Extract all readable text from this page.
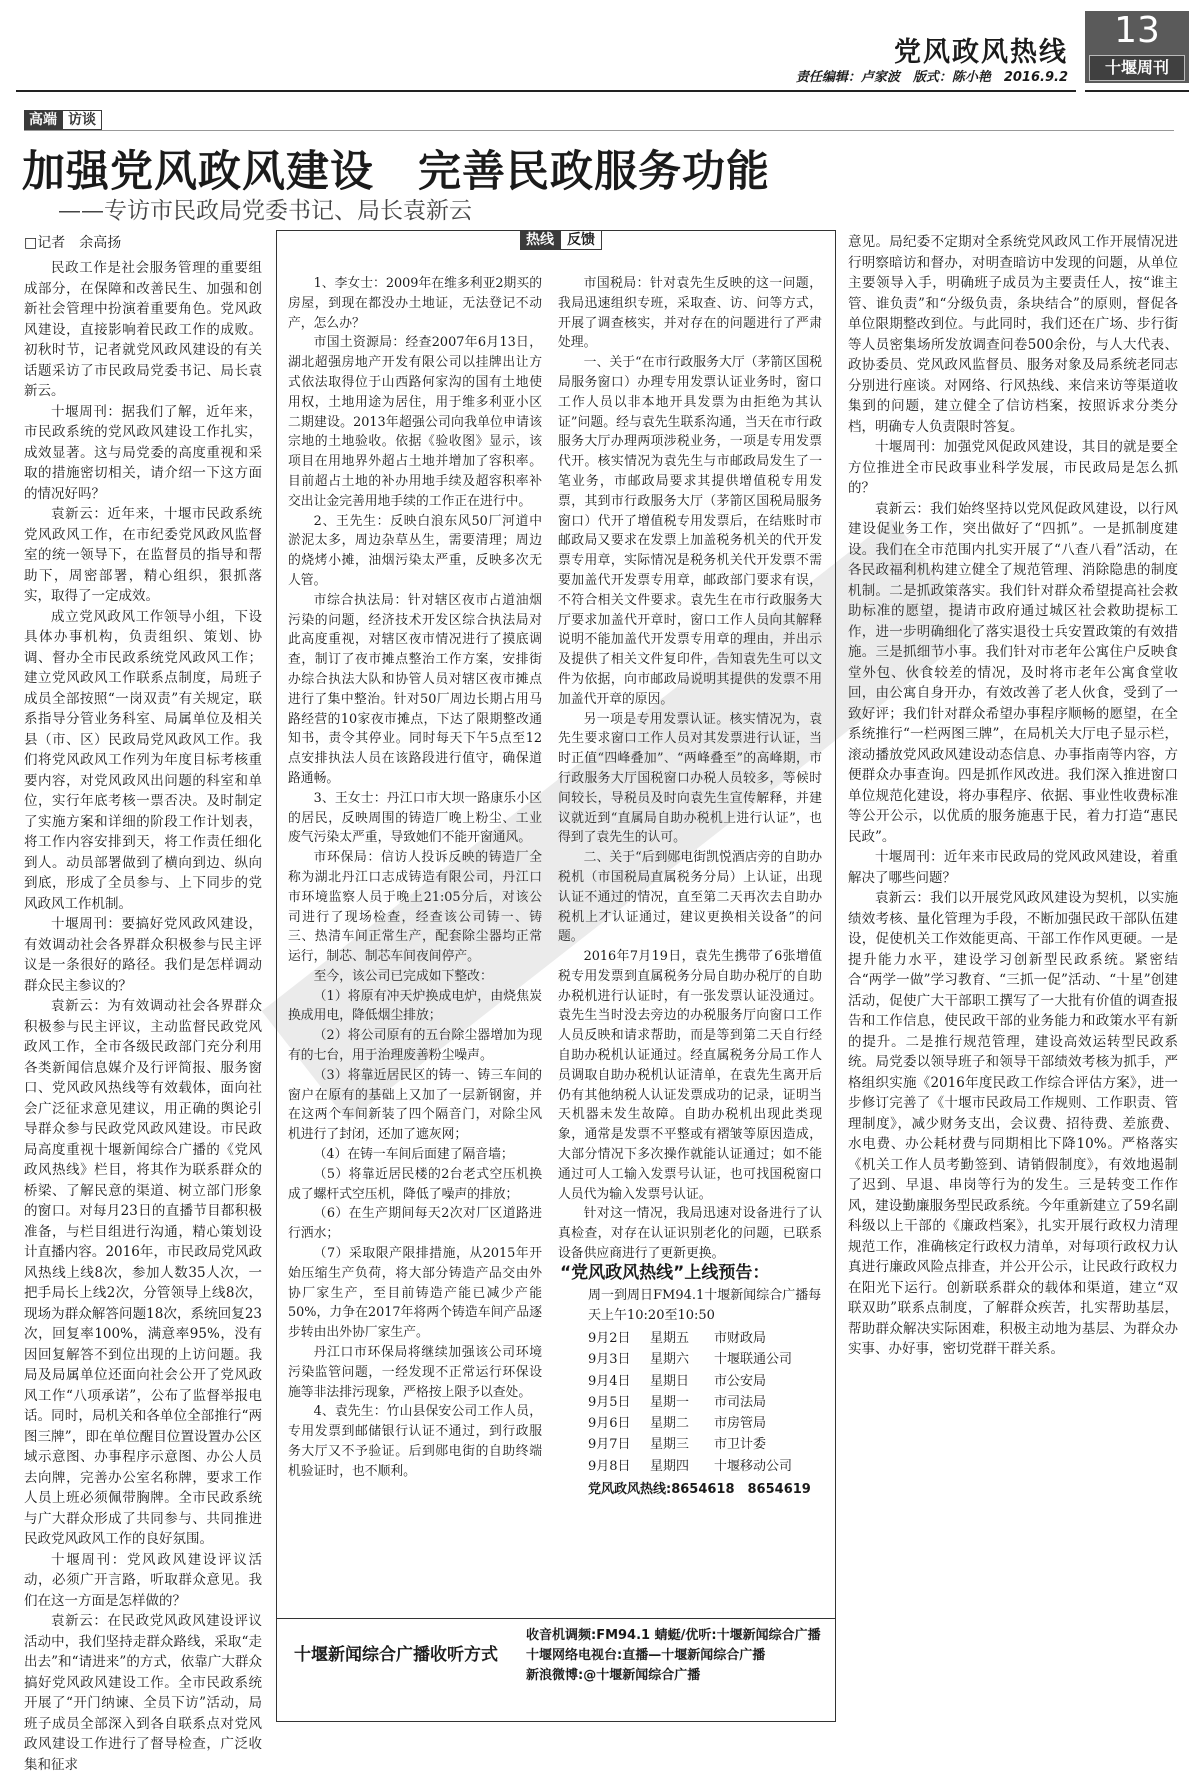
党风政风热线
责任编辑：卢家波　版式：陈小艳　2016.9.2
13
十堰周刊
高端 访谈
加强党风政风建设　完善民政服务功能
——专访市民政局党委书记、局长袁新云
□记者　余高扬

民政工作是社会服务管理的重要组成部分，在保障和改善民生、加强和创新社会管理中扮演着重要角色。党风政风建设，直接影响着民政工作的成败。初秋时节，记者就党风政风建设的有关话题采访了市民政局党委书记、局长袁新云。

十堰周刊：据我们了解，近年来，市民政系统的党风政风建设工作扎实，成效显著。这与局党委的高度重视和采取的措施密切相关，请介绍一下这方面的情况好吗？

袁新云：近年来，十堰市民政系统党风政风工作，在市纪委党风政风监督室的统一领导下，在监督员的指导和帮助下，周密部署，精心组织，狠抓落实，取得了一定成效。

成立党风政风工作领导小组，下设具体办事机构，负责组织、策划、协调、督办全市民政系统党风政风工作；建立党风政风工作联系点制度，局班子成员全部按照“一岗双责”有关规定，联系指导分管业务科室、局属单位及相关县（市、区）民政局党风政风工作。我们将党风政风工作列为年度目标考核重要内容，对党风政风出问题的科室和单位，实行年底考核一票否决。及时制定了实施方案和详细的阶段工作计划表，将工作内容安排到天，将工作责任细化到人。动员部署做到了横向到边、纵向到底，形成了全员参与、上下同步的党风政风工作机制。

十堰周刊：要搞好党风政风建设，有效调动社会各界群众积极参与民主评议是一条很好的路径。我们是怎样调动群众民主参议的？

袁新云：为有效调动社会各界群众积极参与民主评议，主动监督民政党风政风工作，全市各级民政部门充分利用各类新闻信息媒介及行评简报、服务窗口、党风政风热线等有效载体，面向社会广泛征求意见建议，用正确的舆论引导群众参与民政党风政风建设。市民政局高度重视十堰新闻综合广播的《党风政风热线》栏目，将其作为联系群众的桥梁、了解民意的渠道、树立部门形象的窗口。对每月23日的直播节目都积极准备，与栏目组进行沟通，精心策划设计直播内容。2016年，市民政局党风政风热线上线8次，参加人数35人次，一把手局长上线2次，分管领导上线8次，现场为群众解答问题18次，系统回复23次，回复率100%，满意率95%，没有因回复解答不到位出现的上访问题。我局及局属单位还面向社会公开了党风政风工作“八项承诺”，公布了监督举报电话。同时，局机关和各单位全部推行“两图三牌”，即在单位醒目位置设置办公区域示意图、办事程序示意图、办公人员去向牌，完善办公室名称牌，要求工作人员上班必须佩带胸牌。全市民政系统与广大群众形成了共同参与、共同推进民政党风政风工作的良好氛围。

十堰周刊：党风政风建设评议活动，必须广开言路，听取群众意见。我们在这一方面是怎样做的？

袁新云：在民政党风政风建设评议活动中，我们坚持走群众路线，采取“走出去”和“请进来”的方式，依靠广大群众搞好党风政风建设工作。全市民政系统开展了“开门纳谏、全员下访”活动，局班子成员全部深入到各自联系点对党风政风建设工作进行了督导检查，广泛收集和征求

意见。局纪委不定期对全系统党风政风工作开展情况进行明察暗访和督办，对明查暗访中发现的问题，从单位主要领导入手，明确班子成员为主要责任人，按“谁主管、谁负责”和“分级负责，条块结合”的原则，督促各单位限期整改到位。与此同时，我们还在广场、步行街等人员密集场所发放调查问卷500余份，与人大代表、政协委员、党风政风监督员、服务对象及局系统老同志分别进行座谈。对网络、行风热线、来信来访等渠道收集到的问题，建立健全了信访档案，按照诉求分类分档，明确专人负责限时答复。

十堰周刊：加强党风促政风建设，其目的就是要全方位推进全市民政事业科学发展，市民政局是怎么抓的？

袁新云：我们始终坚持以党风促政风建设，以行风建设促业务工作，突出做好了“四抓”。一是抓制度建设。我们在全市范围内扎实开展了“八查八看”活动，在各民政福利机构建立健全了规范管理、消除隐患的制度机制。二是抓政策落实。我们针对群众希望提高社会救助标准的愿望，提请市政府通过城区社会救助提标工作，进一步明确细化了落实退役士兵安置政策的有效措施。三是抓细节小事。我们针对市老年公寓住户反映食堂外包、伙食较差的情况，及时将市老年公寓食堂收回，由公寓自身开办，有效改善了老人伙食，受到了一致好评；我们针对群众希望办事程序顺畅的愿望，在全系统推行“一栏两图三牌”，在局机关大厅电子显示栏，滚动播放党风政风建设动态信息、办事指南等内容，方便群众办事查询。四是抓作风改进。我们深入推进窗口单位规范化建设，将办事程序、依据、事业性收费标准等公开公示，以优质的服务施惠于民，着力打造“惠民民政”。

十堰周刊：近年来市民政局的党风政风建设，着重解决了哪些问题？

袁新云：我们以开展党风政风建设为契机，以实施绩效考核、量化管理为手段，不断加强民政干部队伍建设，促使机关工作效能更高、干部工作作风更硬。一是提升能力水平，建设学习创新型民政系统。紧密结合“两学一做”学习教育、“三抓一促”活动、“十星”创建活动，促使广大干部职工撰写了一大批有价值的调查报告和工作信息，使民政干部的业务能力和政策水平有新的提升。二是推行规范管理，建设高效运转型民政系统。局党委以领导班子和领导干部绩效考核为抓手，严格组织实施《2016年度民政工作综合评估方案》，进一步修订完善了《十堰市民政局工作规则、工作职责、管理制度》，减少财务支出，会议费、招待费、差旅费、水电费、办公耗材费与同期相比下降10%。严格落实《机关工作人员考勤签到、请销假制度》，有效地遏制了迟到、早退、串岗等行为的发生。三是转变工作作风，建设勤廉服务型民政系统。今年重新建立了59名副科级以上干部的《廉政档案》，扎实开展行政权力清理规范工作，准确核定行政权力清单，对每项行政权力认真进行廉政风险点排查，并公开公示，让民政行政权力在阳光下运行。创新联系群众的载体和渠道，建立“双联双助”联系点制度，了解群众疾苦，扎实帮助基层，帮助群众解决实际困难，积极主动地为基层、为群众办实事、办好事，密切党群干群关系。

热线 反馈

1、李女士：2009年在维多利亚2期买的房屋，到现在都没办土地证，无法登记不动产，怎么办？

市国土资源局：经查2007年6月13日，湖北超强房地产开发有限公司以挂牌出让方式依法取得位于山西路何家沟的国有土地使用权，土地用途为居住，用于维多利亚小区二期建设。2013年超强公司向我单位申请该宗地的土地验收。依据《验收图》显示，该项目在用地界外超占土地并增加了容积率。目前超占土地的补办用地手续及超容积率补交出让金完善用地手续的工作正在进行中。

2、王先生：反映白浪东风50厂河道中淤泥太多，周边杂草丛生，需要清理；周边的烧烤小摊，油烟污染太严重，反映多次无人管。

市综合执法局：针对辖区夜市占道油烟污染的问题，经济技术开发区综合执法局对此高度重视，对辖区夜市情况进行了摸底调查，制订了夜市摊点整治工作方案，安排街办综合执法大队和协管人员对辖区夜市摊点进行了集中整治。针对50厂周边长期占用马路经营的10家夜市摊点，下达了限期整改通知书，责令其停业。同时每天下午5点至12点安排执法人员在该路段进行值守，确保道路通畅。

3、王女士：丹江口市大坝一路康乐小区的居民，反映周围的铸造厂晚上粉尘、工业废气污染太严重，导致她们不能开窗通风。

市环保局：信访人投诉反映的铸造厂全称为湖北丹江口志成铸造有限公司，丹江口市环境监察人员于晚上21:05分后，对该公司进行了现场检查，经查该公司铸一、铸三、热清车间正常生产，配套除尘器均正常运行，制芯、制芯车间夜间停产。

至今，该公司已完成如下整改：

（1）将原有冲天炉换成电炉，由烧焦炭换成用电，降低烟尘排放；

（2）将公司原有的五台除尘器增加为现有的七台，用于治理废善粉尘噪声。

（3）将靠近居民区的铸一、铸三车间的窗户在原有的基础上又加了一层新钢窗，并在这两个车间新装了四个隔音门，对除尘风机进行了封闭，还加了遮灰网；

（4）在铸一车间后面建了隔音墙；

（5）将靠近居民楼的2台老式空压机换成了螺杆式空压机，降低了噪声的排放；

（6）在生产期间每天2次对厂区道路进行洒水；

（7）采取限产限排措施，从2015年开始压缩生产负荷，将大部分铸造产品交由外协厂家生产，至目前铸造产能已减少产能50%，力争在2017年将两个铸造车间产品逐步转由出外协厂家生产。

丹江口市环保局将继续加强该公司环境污染监管问题，一经发现不正常运行环保设施等非法排污现象，严格按上限予以查处。

4、袁先生：竹山县保安公司工作人员，专用发票到邮储银行认证不通过，到行政服务大厅又不予验证。后到郧电街的自助终端机验证时，也不顺利。

市国税局：针对袁先生反映的这一问题，我局迅速组织专班，采取查、访、问等方式，开展了调查核实，并对存在的问题进行了严肃处理。

一、关于“在市行政服务大厅（茅箭区国税局服务窗口）办理专用发票认证业务时，窗口工作人员以非本地开具发票为由拒绝为其认证”问题。经与袁先生联系沟通，当天在市行政服务大厅办理两项涉税业务，一项是专用发票代开。核实情况为袁先生与市邮政局发生了一笔业务，市邮政局要求其提供增值税专用发票，其到市行政服务大厅（茅箭区国税局服务窗口）代开了增值税专用发票后，在结账时市邮政局又要求在发票上加盖税务机关的代开发票专用章，实际情况是税务机关代开发票不需要加盖代开发票专用章，邮政部门要求有误，不符合相关文件要求。袁先生在市行政服务大厅要求加盖代开章时，窗口工作人员向其解释说明不能加盖代开发票专用章的理由，并出示及提供了相关文件复印件，告知袁先生可以文件为依据，向市邮政局说明其提供的发票不用加盖代开章的原因。

另一项是专用发票认证。核实情况为，袁先生要求窗口工作人员对其发票进行认证，当时正值“四峰叠加”、“两峰叠至”的高峰期，市行政服务大厅国税窗口办税人员较多，等候时间较长，导税员及时向袁先生宣传解释，并建议就近到“直属局自助办税机上进行认证”，也得到了袁先生的认可。

二、关于“后到郧电街凯悦酒店旁的自助办税机（市国税局直属税务分局）上认证，出现认证不通过的情况，直至第二天再次去自助办税机上才认证通过，建议更换相关设备”的问题。

2016年7月19日，袁先生携带了6张增值税专用发票到直属税务分局自助办税厅的自助办税机进行认证时，有一张发票认证没通过。袁先生当时没去旁边的办税服务厅向窗口工作人员反映和请求帮助，而是等到第二天自行经自助办税机认证通过。经直属税务分局工作人员调取自助办税机认证清单，在袁先生离开后仍有其他纳税人认证发票成功的记录，证明当天机器未发生故障。自助办税机出现此类现象，通常是发票不平整或有褶皱等原因造成，大部分情况下多次操作就能认证通过；如不能通过可人工输入发票号认证，也可找国税窗口人员代为输入发票号认证。

针对这一情况，我局迅速对设备进行了认真检查，对存在认证识别老化的问题，已联系设备供应商进行了更新更换。

“党风政风热线”上线预告：
周一到周日FM94.1十堰新闻综合广播每天上午10:20至10:50
9月2日 星期五 市财政局
9月3日 星期六 十堰联通公司
9月4日 星期日 市公安局
9月5日 星期一 市司法局
9月6日 星期二 市房管局
9月7日 星期三 市卫计委
9月8日 星期四 十堰移动公司
党风政风热线:8654618　8654619
十堰新闻综合广播收听方式
收音机调频:FM94.1 蜻蜓/优听:十堰新闻综合广播
十堰网络电视台:直播—十堰新闻综合广播
新浪微博:@十堰新闻综合广播
